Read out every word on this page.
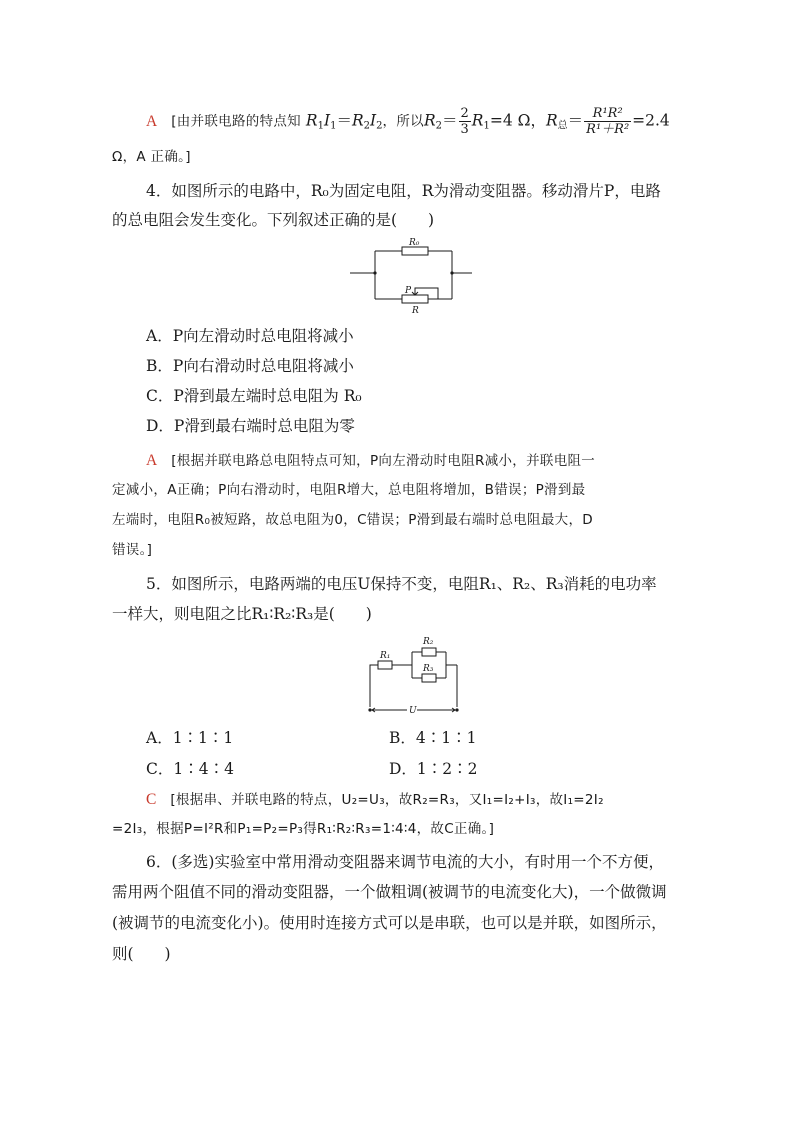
A [由并联电路的特点知 $R_1I_1=R_2I_2$，所以$R_2= \frac{2}{3} R_1=4$ Ω，$R_总= \frac{\text{R¹R²}}{\text{R¹＋R²}} =2.4$
Ω，A 正确。]
4．如图所示的电路中，R₀为固定电阻，R为滑动变阻器。移动滑片P，电路
的总电阻会发生变化。下列叙述正确的是(　　)
R₀
P
R
A．P向左滑动时总电阻将减小
B．P向右滑动时总电阻将减小
C．P滑到最左端时总电阻为 R₀
D．P滑到最右端时总电阻为零
A [根据并联电路总电阻特点可知，P向左滑动时电阻R减小，并联电阻一
定减小，A正确；P向右滑动时，电阻R增大，总电阻将增加，B错误；P滑到最
左端时，电阻R₀被短路，故总电阻为0，C错误；P滑到最右端时总电阻最大，D
错误。]
5．如图所示，电路两端的电压U保持不变，电阻R₁、R₂、R₃消耗的电功率
一样大，则电阻之比R₁∶R₂∶R₃是(　　)
R₁
R₂
R₃
U
A．1∶1∶1	B．4∶1∶1
C．1∶4∶4	D．1∶2∶2
C [根据串、并联电路的特点，U₂=U₃，故R₂=R₃，又I₁=I₂+I₃，故I₁=2I₂
=2I₃，根据P=I²R和P₁=P₂=P₃得R₁∶R₂∶R₃=1∶4∶4，故C正确。]
6．(多选)实验室中常用滑动变阻器来调节电流的大小，有时用一个不方便，
需用两个阻值不同的滑动变阻器，一个做粗调(被调节的电流变化大)，一个做微调
(被调节的电流变化小)。使用时连接方式可以是串联，也可以是并联，如图所示，
则(　　)
